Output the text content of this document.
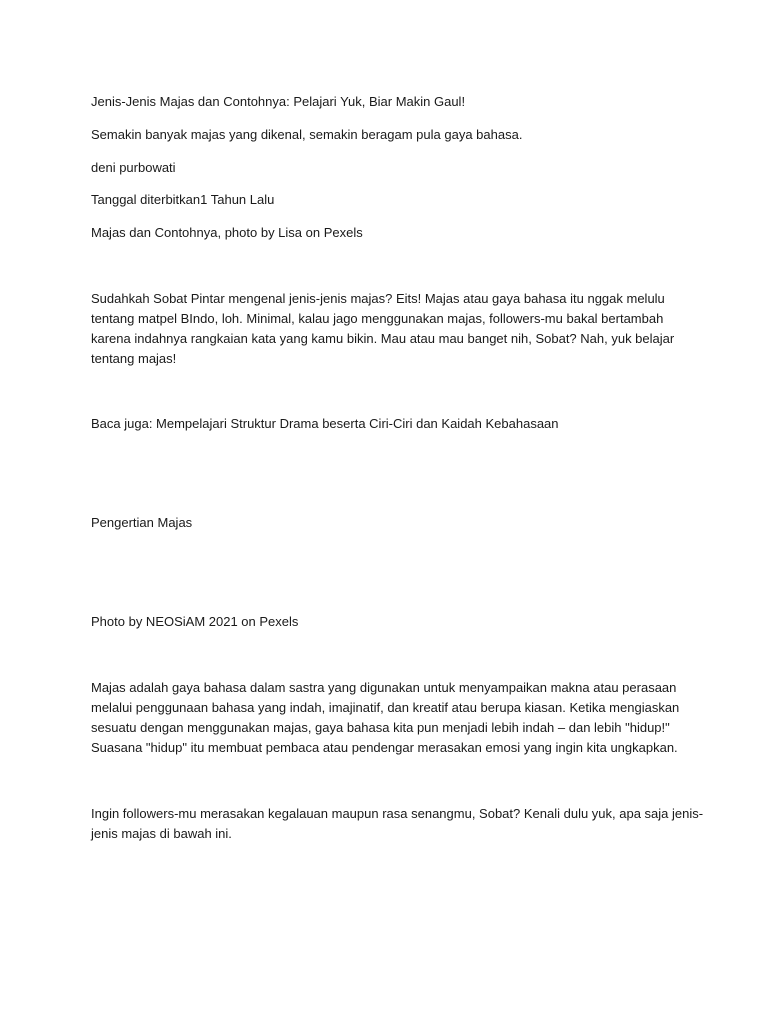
Jenis-Jenis Majas dan Contohnya: Pelajari Yuk, Biar Makin Gaul!
Semakin banyak majas yang dikenal, semakin beragam pula gaya bahasa.
deni purbowati
Tanggal diterbitkan1 Tahun Lalu
Majas dan Contohnya, photo by Lisa on Pexels
Sudahkah Sobat Pintar mengenal jenis-jenis majas? Eits! Majas atau gaya bahasa itu nggak melulu
tentang matpel BIndo, loh. Minimal, kalau jago menggunakan majas, followers-mu bakal bertambah
karena indahnya rangkaian kata yang kamu bikin. Mau atau mau banget nih, Sobat? Nah, yuk belajar
tentang majas!
Baca juga: Mempelajari Struktur Drama beserta Ciri-Ciri dan Kaidah Kebahasaan
Pengertian Majas
Photo by NEOSiAM 2021 on Pexels
Majas adalah gaya bahasa dalam sastra yang digunakan untuk menyampaikan makna atau perasaan
melalui penggunaan bahasa yang indah, imajinatif, dan kreatif atau berupa kiasan. Ketika mengiaskan
sesuatu dengan menggunakan majas, gaya bahasa kita pun menjadi lebih indah – dan lebih "hidup!"
Suasana "hidup" itu membuat pembaca atau pendengar merasakan emosi yang ingin kita ungkapkan.
Ingin followers-mu merasakan kegalauan maupun rasa senangmu, Sobat? Kenali dulu yuk, apa saja jenis-
jenis majas di bawah ini.
